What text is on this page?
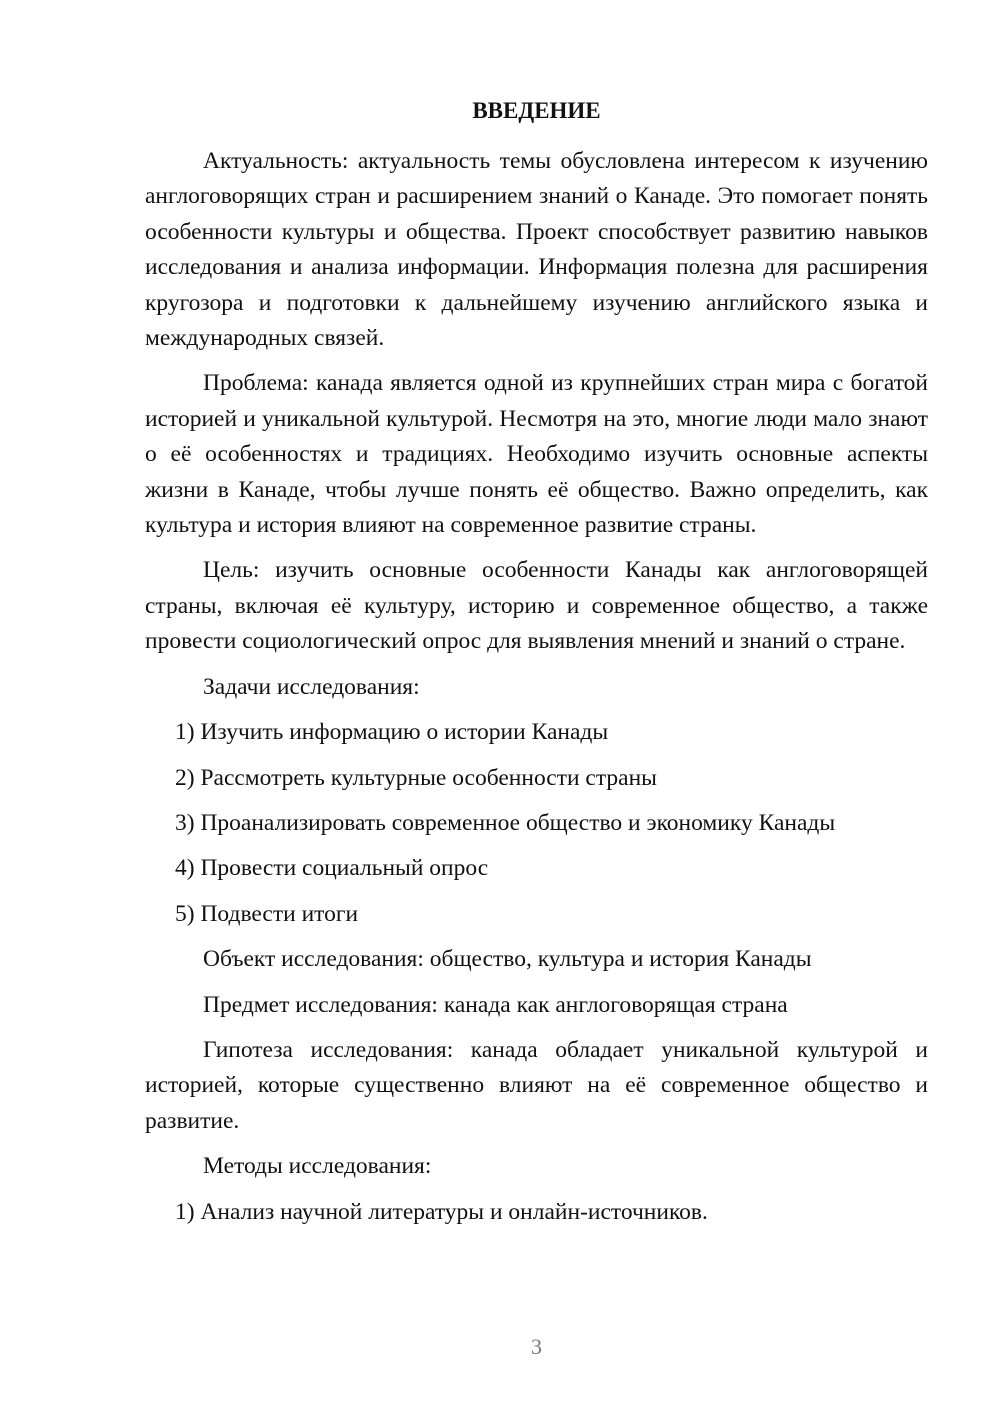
ВВЕДЕНИЕ

Актуальность: актуальность темы обусловлена интересом к изучению англоговорящих стран и расширением знаний о Канаде. Это помогает понять особенности культуры и общества. Проект способствует развитию навыков исследования и анализа информации. Информация полезна для расширения кругозора и подготовки к дальнейшему изучению английского языка и международных связей.

Проблема: канада является одной из крупнейших стран мира с богатой историей и уникальной культурой. Несмотря на это, многие люди мало знают о её особенностях и традициях. Необходимо изучить основные аспекты жизни в Канаде, чтобы лучше понять её общество. Важно определить, как культура и история влияют на современное развитие страны.

Цель: изучить основные особенности Канады как англоговорящей страны, включая её культуру, историю и современное общество, а также провести социологический опрос для выявления мнений и знаний о стране.

Задачи исследования:

1) Изучить информацию о истории Канады

2) Рассмотреть культурные особенности страны

3) Проанализировать современное общество и экономику Канады

4) Провести социальный опрос

5) Подвести итоги

Объект исследования: общество, культура и история Канады

Предмет исследования: канада как англоговорящая страна

Гипотеза исследования: канада обладает уникальной культурой и историей, которые существенно влияют на её современное общество и развитие.

Методы исследования:

1) Анализ научной литературы и онлайн-источников.

3
